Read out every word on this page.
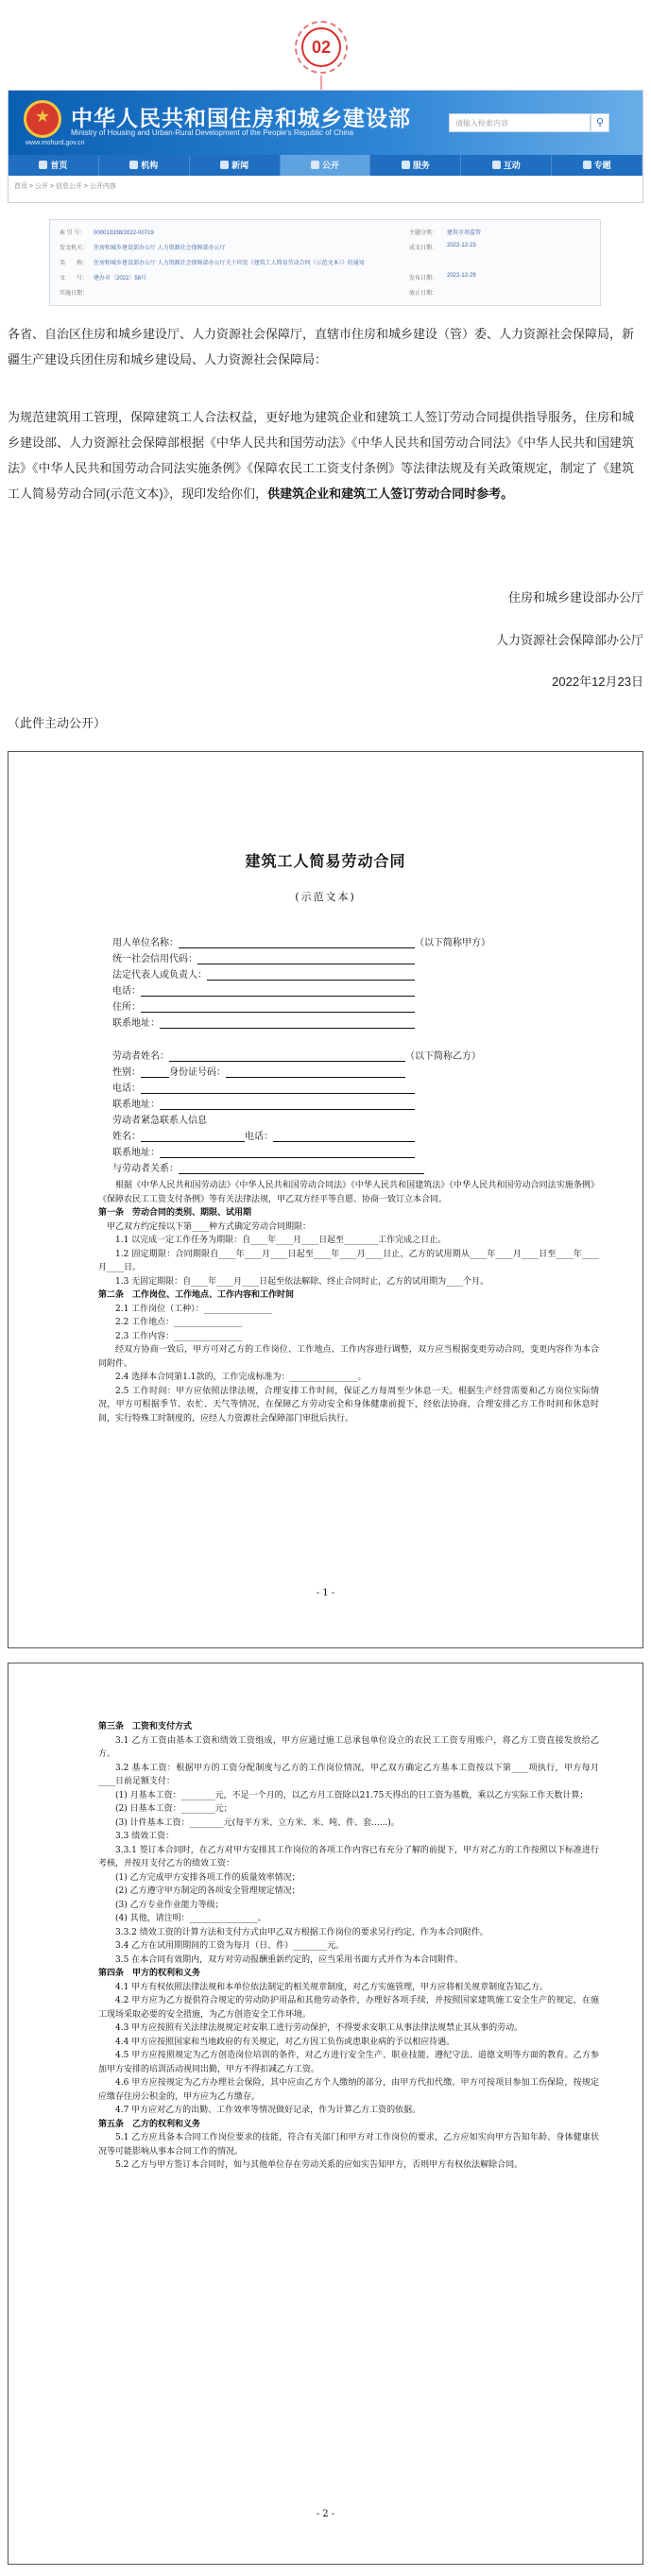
02
★
中华人民共和国住房和城乡建设部
Ministry of Housing and Urban-Rural Development of the People's Republic of China
www.mohurd.gov.cn
请输入检索内容	⚲
首页	机构	新闻	公开	服务	互动	专题
首页 > 公开 > 信息公开 > 公开内容
索 引 号： 000013338/2022-00719	主题分类： 建筑市场监管
发文机关： 住房和城乡建设部办公厅 人力资源社会保障部办公厅	成文日期： 2022-12-23
名　　称： 住房和城乡建设部办公厅 人力资源社会保障部办公厅关于印发《建筑工人简易劳动合同（示范文本）》的通知
文　　号： 建办市〔2022〕58号	发布日期： 2022-12-29
实施日期：	废止日期：
各省、自治区住房和城乡建设厅、人力资源社会保障厅，直辖市住房和城乡建设（管）委、人力资源社会保障局，新疆生产建设兵团住房和城乡建设局、人力资源社会保障局：
为规范建筑用工管理，保障建筑工人合法权益，更好地为建筑企业和建筑工人签订劳动合同提供指导服务，住房和城乡建设部、人力资源社会保障部根据《中华人民共和国劳动法》《中华人民共和国劳动合同法》《中华人民共和国建筑法》《中华人民共和国劳动合同法实施条例》《保障农民工工资支付条例》等法律法规及有关政策规定，制定了《建筑工人简易劳动合同(示范文本)》，现印发给你们，供建筑企业和建筑工人签订劳动合同时参考。
住房和城乡建设部办公厅
人力资源社会保障部办公厅
2022年12月23日
（此件主动公开）
建筑工人简易劳动合同
(示范文本)
用人单位名称：	（以下简称甲方）
统一社会信用代码：
法定代表人或负责人：
电话：
住所：
联系地址：
劳动者姓名：	（以下简称乙方）
性别：	身份证号码：
电话：
联系地址：
劳动者紧急联系人信息
姓名：	电话：
联系地址：
与劳动者关系：
根据《中华人民共和国劳动法》《中华人民共和国劳动合同法》《中华人民共和国建筑法》《中华人民共和国劳动合同法实施条例》《保障农民工工资支付条例》等有关法律法规，甲乙双方经平等自愿、协商一致订立本合同。
第一条　劳动合同的类别、期限、试用期
甲乙双方约定按以下第____种方式确定劳动合同期限：
1.1 以完成一定工作任务为期限：自____年____月____日起至________工作完成之日止。
1.2 固定期限：合同期限自____年____月____日起至____年____月____日止，乙方的试用期从____年____月____日至____年____月____日。
1.3 无固定期限：自____年____月____日起至依法解除、终止合同时止，乙方的试用期为____个月。
第二条　工作岗位、工作地点、工作内容和工作时间
2.1 工作岗位（工种）：________________
2.2 工作地点：________________
2.3 工作内容：________________
经双方协商一致后，甲方可对乙方的工作岗位、工作地点、工作内容进行调整，双方应当根据变更劳动合同，变更内容作为本合同附件。
2.4 选择本合同第1.1款的，工作完成标准为：________________。
2.5 工作时间：甲方应依照法律法规，合理安排工作时间，保证乙方每周至少休息一天。根据生产经营需要和乙方岗位实际情况，甲方可根据季节、农忙、天气等情况，在保障乙方劳动安全和身体健康前提下，经依法协商，合理安排乙方工作时间和休息时间，实行特殊工时制度的，应经人力资源社会保障部门审批后执行。
- 1 -
第三条　工资和支付方式
3.1 乙方工资由基本工资和绩效工资组成，甲方应通过施工总承包单位设立的农民工工资专用账户，将乙方工资直接发放给乙方。
3.2 基本工资：根据甲方的工资分配制度与乙方的工作岗位情况，甲乙双方确定乙方基本工资按以下第____项执行，甲方每月____日前足额支付：
(1) 月基本工资：________元，不足一个月的，以乙方月工资除以21.75天得出的日工资为基数，乘以乙方实际工作天数计算；
(2) 日基本工资：________元；
(3) 计件基本工资：________元(每平方米、立方米、米、吨、件、套......)。
3.3 绩效工资：
3.3.1 签订本合同时，在乙方对甲方安排其工作岗位的各项工作内容已有充分了解的前提下，甲方对乙方的工作按照以下标准进行考核，并按月支付乙方的绩效工资：
(1) 乙方完成甲方安排各项工作的质量效率情况；
(2) 乙方遵守甲方制定的各项安全管理规定情况；
(3) 乙方专业作业能力等级；
(4) 其他，请注明：________________。
3.3.2 绩效工资的计算方法和支付方式由甲乙双方根据工作岗位的要求另行约定，作为本合同附件。
3.4 乙方在试用期期间的工资为每月（日、件）________元。
3.5 在本合同有效期内，双方对劳动报酬重新约定的，应当采用书面方式并作为本合同附件。
第四条　甲方的权利和义务
4.1 甲方有权依照法律法规和本单位依法制定的相关规章制度，对乙方实施管理，甲方应将相关规章制度告知乙方。
4.2 甲方应为乙方提供符合规定的劳动防护用品和其他劳动条件，办理好各项手续，并按照国家建筑施工安全生产的规定，在施工现场采取必要的安全措施，为乙方创造安全工作环境。
4.3 甲方应按照有关法律法规规定对安职工进行劳动保护，不得要求安职工从事法律法规禁止其从事的劳动。
4.4 甲方应按照国家和当地政府的有关规定，对乙方因工负伤或患职业病的予以相应待遇。
4.5 甲方应按照规定为乙方创造岗位培训的条件，对乙方进行安全生产、职业技能、遵纪守法、道德文明等方面的教育。乙方参加甲方安排的培训活动视同出勤，甲方不得扣减乙方工资。
4.6 甲方应按规定为乙方办理社会保险，其中应由乙方个人缴纳的部分，由甲方代扣代缴。甲方可按项目参加工伤保险，按规定应缴存住房公积金的，甲方应为乙方缴存。
4.7 甲方应对乙方的出勤、工作效率等情况做好记录，作为计算乙方工资的依据。
第五条　乙方的权利和义务
5.1 乙方应具备本合同工作岗位要求的技能，符合有关部门和甲方对工作岗位的要求，乙方应如实向甲方告知年龄、身体健康状况等可能影响从事本合同工作的情况。
5.2 乙方与甲方签订本合同时，如与其他单位存在劳动关系的应如实告知甲方，否则甲方有权依法解除合同。
- 2 -
